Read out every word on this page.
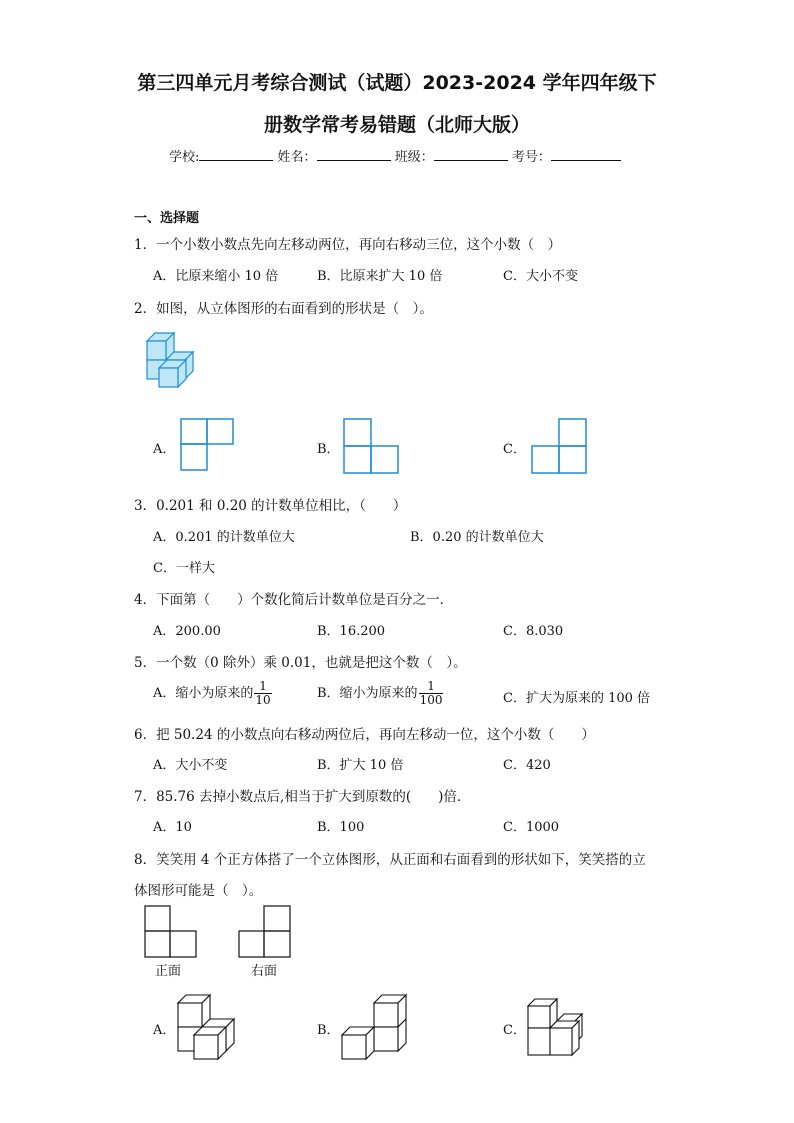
第三四单元月考综合测试（试题）2023-2024 学年四年级下
册数学常考易错题（北师大版）
学校:	姓名：	班级：	考号：
一、选择题
1．一个小数小数点先向左移动两位，再向右移动三位，这个小数（　）
A．比原来缩小 10 倍	B．比原来扩大 10 倍	C．大小不变
2．如图，从立体图形的右面看到的形状是（　）。
A．	B．	C．
3．0.201 和 0.20 的计数单位相比，（　　）
A．0.201 的计数单位大	B．0.20 的计数单位大
C．一样大
4．下面第（　　）个数化简后计数单位是百分之一．
A．200.00	B．16.200	C．8.030
5．一个数（0 除外）乘 0.01，也就是把这个数（　）。
A．缩小为原来的 $\frac{1}{10}$	B．缩小为原来的 $\frac{1}{100}$	C．扩大为原来的 100 倍
6．把 50.24 的小数点向右移动两位后，再向左移动一位，这个小数（　　）
A．大小不变	B．扩大 10 倍	C．420
7．85.76 去掉小数点后,相当于扩大到原数的(　　)倍．
A．10	B．100	C．1000
8．笑笑用 4 个正方体搭了一个立体图形，从正面和右面看到的形状如下，笑笑搭的立
体图形可能是（　）。
正面	右面
A．	B．	C．
